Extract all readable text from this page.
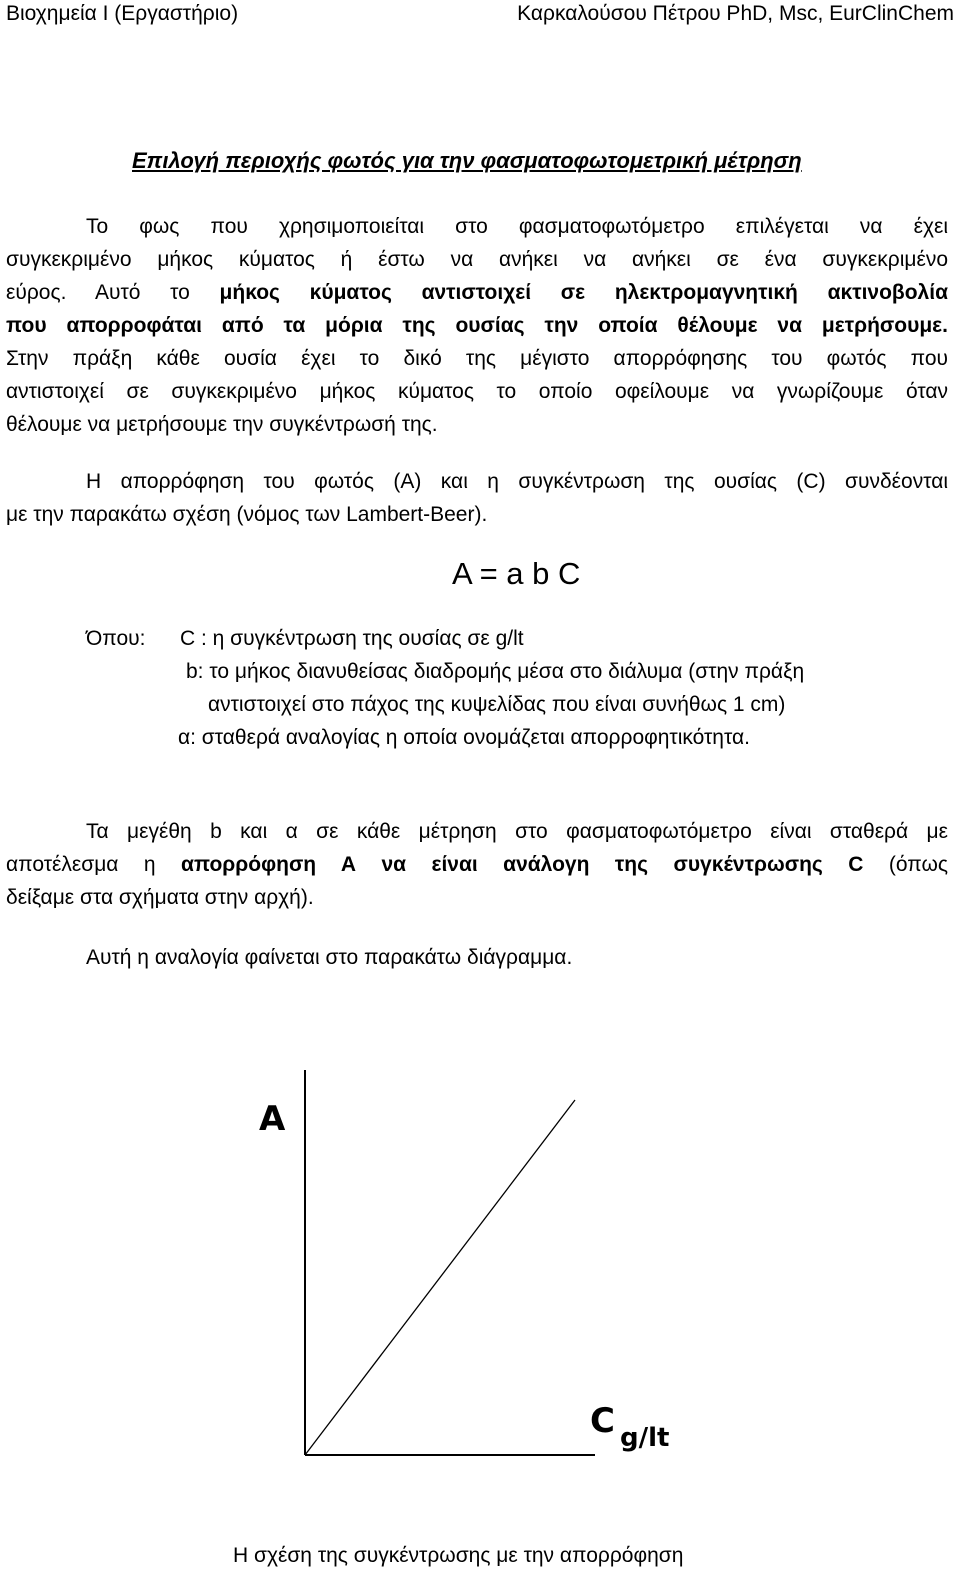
Βιοχημεία Ι (Εργαστήριο)	Καρκαλούσου Πέτρου PhD, Msc, EurClinChem
Επιλογή περιοχής φωτός για την φασματοφωτομετρική μέτρηση
Το φως που χρησιμοποιείται στο φασματοφωτόμετρο επιλέγεται να έχει
συγκεκριμένο μήκος κύματος ή έστω να ανήκει να ανήκει σε ένα συγκεκριμένο
εύρος. Αυτό το μήκος κύματος αντιστοιχεί σε ηλεκτρομαγνητική ακτινοβολία
που απορροφάται από τα μόρια της ουσίας την οποία θέλουμε να μετρήσουμε.
Στην πράξη κάθε ουσία έχει το δικό της μέγιστο απορρόφησης του φωτός που
αντιστοιχεί σε συγκεκριμένο μήκος κύματος το οποίο οφείλουμε να γνωρίζουμε όταν
θέλουμε να μετρήσουμε την συγκέντρωσή της.
Η απορρόφηση του φωτός (Α) και η συγκέντρωση της ουσίας (C) συνδέονται
με την παρακάτω σχέση (νόμος των Lambert-Beer).
A = a b C
Όπου: C : η συγκέντρωση της ουσίας σε g/lt
b: το μήκος διανυθείσας διαδρομής μέσα στο διάλυμα (στην πράξη
αντιστοιχεί στο πάχος της κυψελίδας που είναι συνήθως 1 cm)
α: σταθερά αναλογίας η οποία ονομάζεται απορροφητικότητα.
Τα μεγέθη b και α σε κάθε μέτρηση στο φασματοφωτόμετρο είναι σταθερά με
αποτέλεσμα η απορρόφηση Α να είναι ανάλογη της συγκέντρωσης C (όπως
δείξαμε στα σχήματα στην αρχή).
Αυτή η αναλογία φαίνεται στο παρακάτω διάγραμμα.
A
C g/lt
Η σχέση της συγκέντρωσης με την απορρόφηση
